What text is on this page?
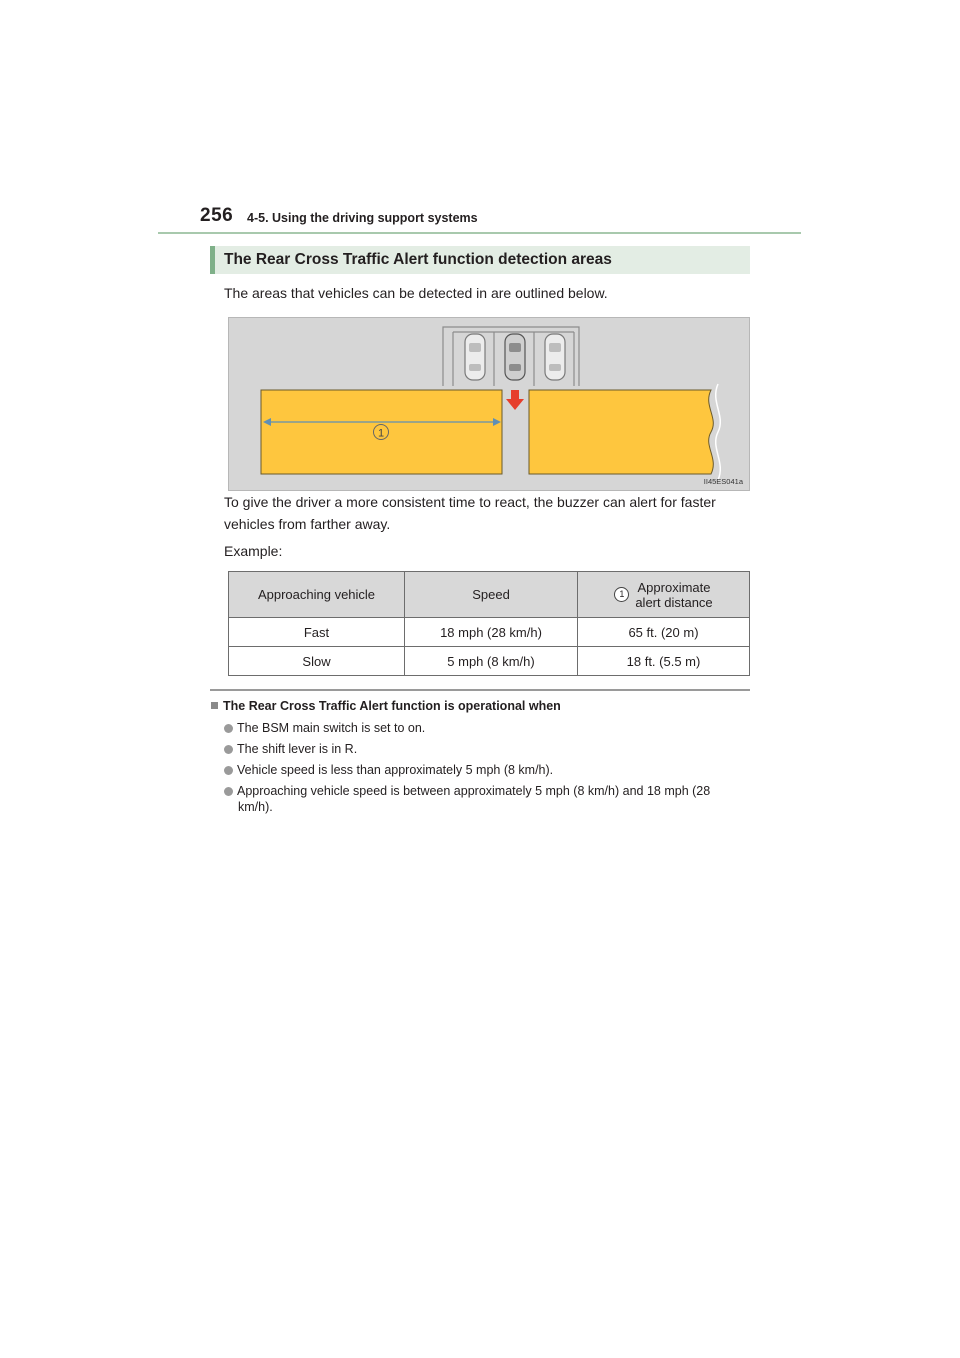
256 4-5. Using the driving support systems
The Rear Cross Traffic Alert function detection areas
The areas that vehicles can be detected in are outlined below.
1
II45ES041a
To give the driver a more consistent time to react, the buzzer can alert for faster
vehicles from farther away.
Example:
Approaching vehicle	Speed	1 Approximate
alert distance

Fast	18 mph (28 km/h)	65 ft. (20 m)
Slow	5 mph (8 km/h)	18 ft. (5.5 m)
The Rear Cross Traffic Alert function is operational when
The BSM main switch is set to on.
The shift lever is in R.
Vehicle speed is less than approximately 5 mph (8 km/h).
Approaching vehicle speed is between approximately 5 mph (8 km/h) and 18 mph (28
km/h).
